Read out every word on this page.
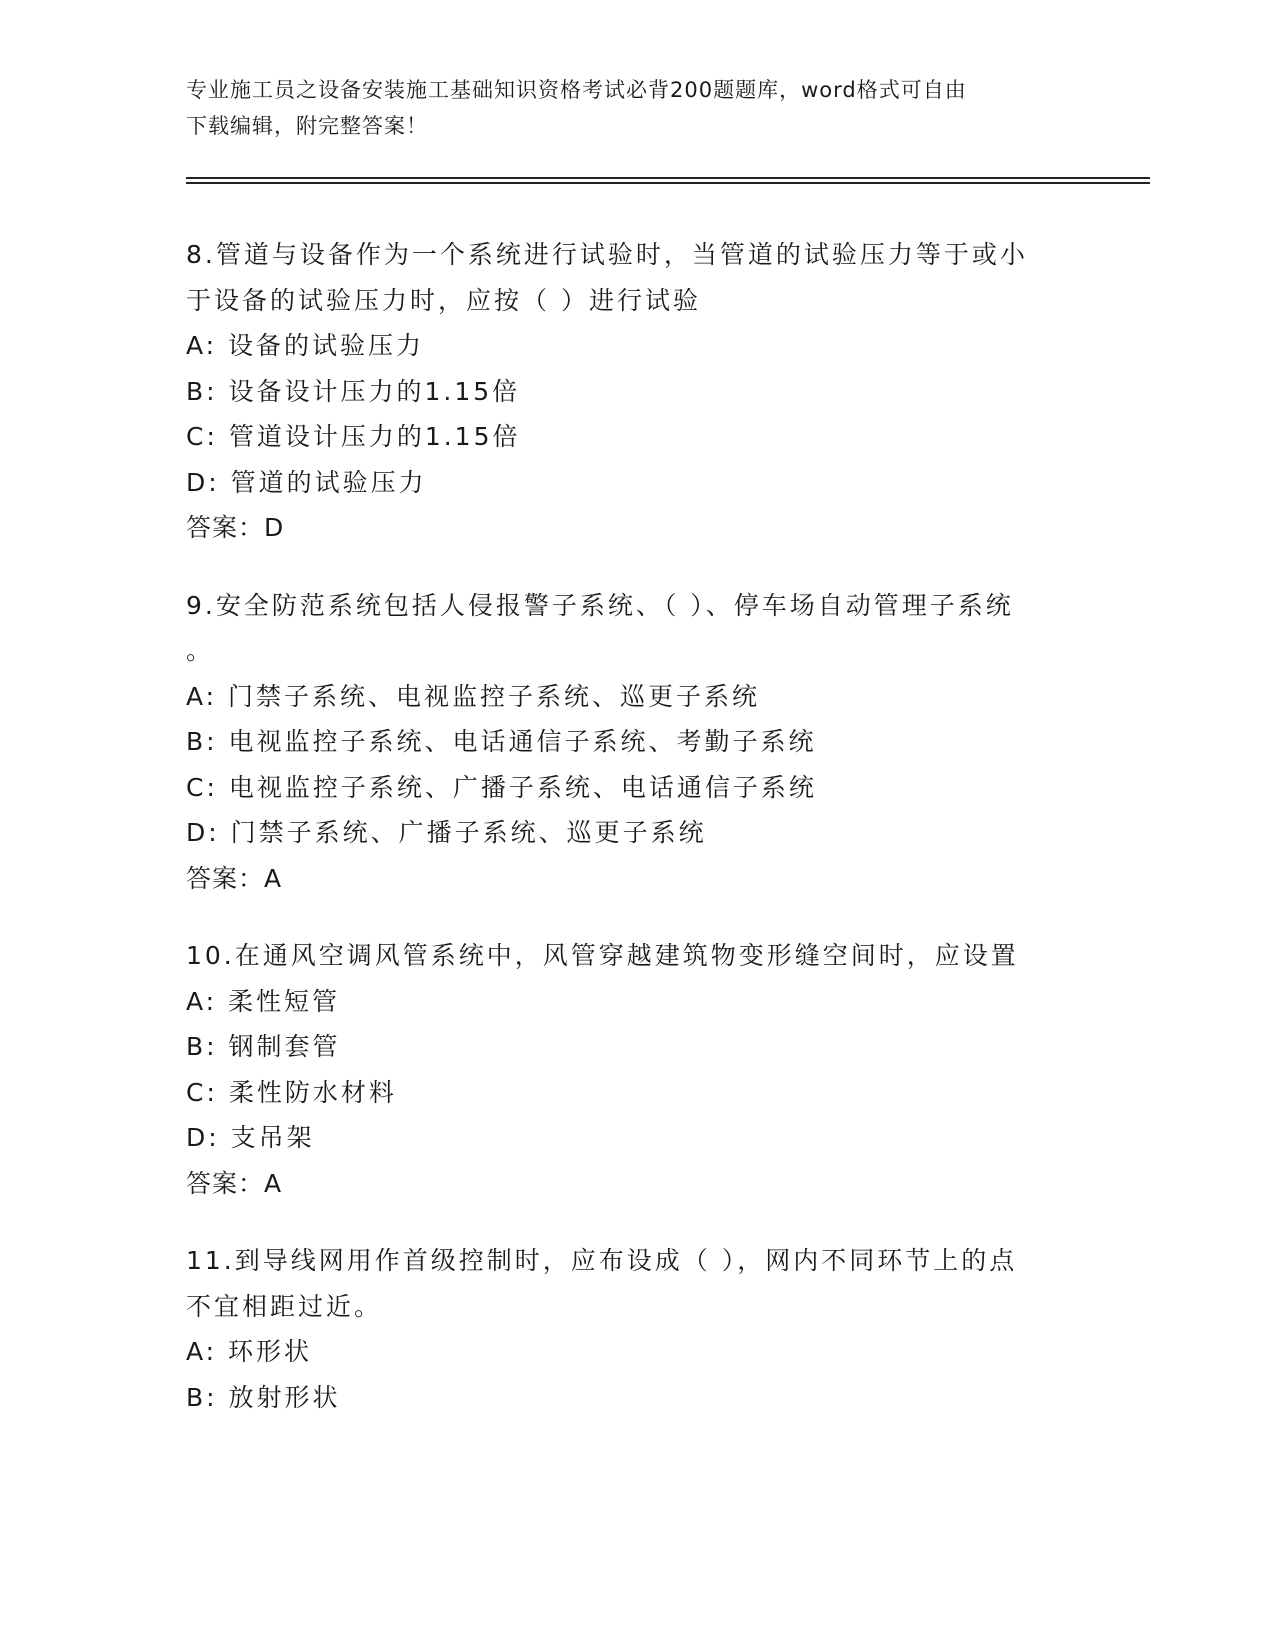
专业施工员之设备安装施工基础知识资格考试必背200题题库，word格式可自由
下载编辑，附完整答案！
8.管道与设备作为一个系统进行试验时，当管道的试验压力等于或小
于设备的试验压力时，应按（ ）进行试验
A: 设备的试验压力
B: 设备设计压力的1.15倍
C: 管道设计压力的1.15倍
D: 管道的试验压力
答案：D
9.安全防范系统包括人侵报警子系统、（ ）、停车场自动管理子系统
。
A: 门禁子系统、电视监控子系统、巡更子系统
B: 电视监控子系统、电话通信子系统、考勤子系统
C: 电视监控子系统、广播子系统、电话通信子系统
D: 门禁子系统、广播子系统、巡更子系统
答案：A
10.在通风空调风管系统中，风管穿越建筑物变形缝空间时，应设置
A: 柔性短管
B: 钢制套管
C: 柔性防水材料
D: 支吊架
答案：A
11.到导线网用作首级控制时，应布设成（ ），网内不同环节上的点
不宜相距过近。
A: 环形状
B: 放射形状
